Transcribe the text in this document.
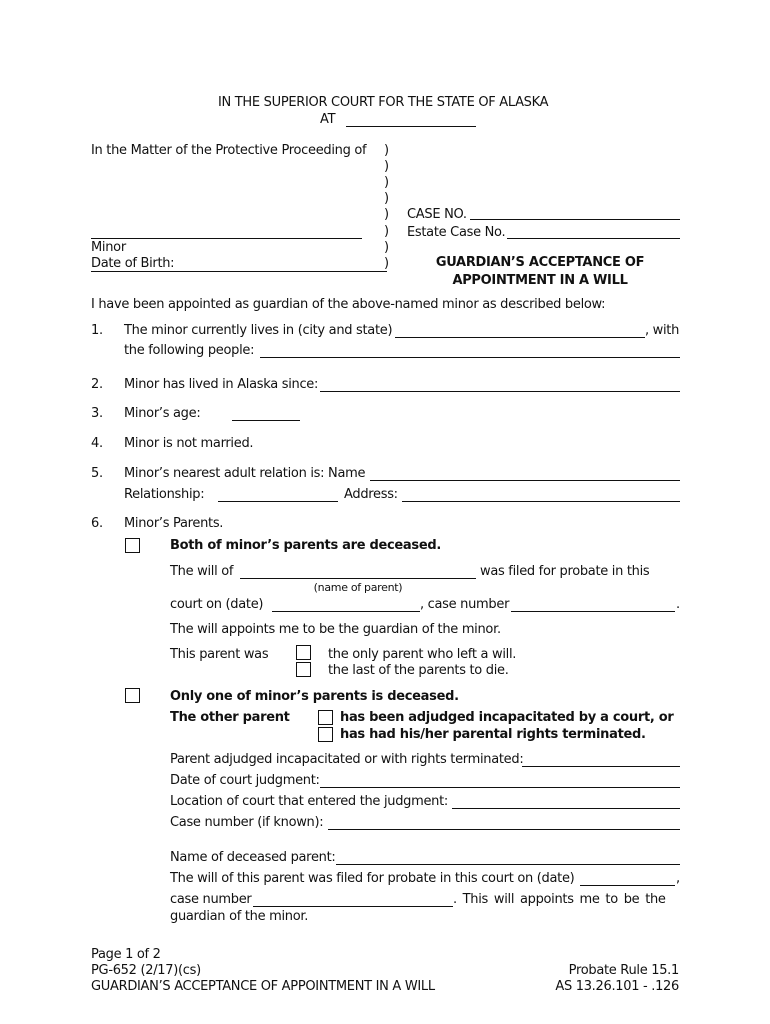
IN THE SUPERIOR COURT FOR THE STATE OF ALASKA
AT
In the Matter of the Protective Proceeding of )
)
)
)
)
)
)
)
Minor
Date of Birth:
CASE NO.
Estate Case No.
GUARDIAN’S ACCEPTANCE OF
APPOINTMENT IN A WILL
I have been appointed as guardian of the above-named minor as described below:
1. The minor currently lives in (city and state)	, with
the following people:
2. Minor has lived in Alaska since:
3. Minor’s age:
4. Minor is not married.
5. Minor’s nearest adult relation is: Name
Relationship:	Address:
6. Minor’s Parents.
Both of minor’s parents are deceased.
The will of	was filed for probate in this
(name of parent)
court on (date)	, case number	.
The will appoints me to be the guardian of the minor.
This parent was	the only parent who left a will.
the last of the parents to die.
Only one of minor’s parents is deceased.
The other parent	has been adjudged incapacitated by a court, or
has had his/her parental rights terminated.
Parent adjudged incapacitated or with rights terminated:
Date of court judgment:
Location of court that entered the judgment:
Case number (if known):
Name of deceased parent:
The will of this parent was filed for probate in this court on (date)	,
case number	. This will appoints me to be the
guardian of the minor.
Page 1 of 2
PG-652 (2/17)(cs)
GUARDIAN’S ACCEPTANCE OF APPOINTMENT IN A WILL
Probate Rule 15.1
AS 13.26.101 - .126
